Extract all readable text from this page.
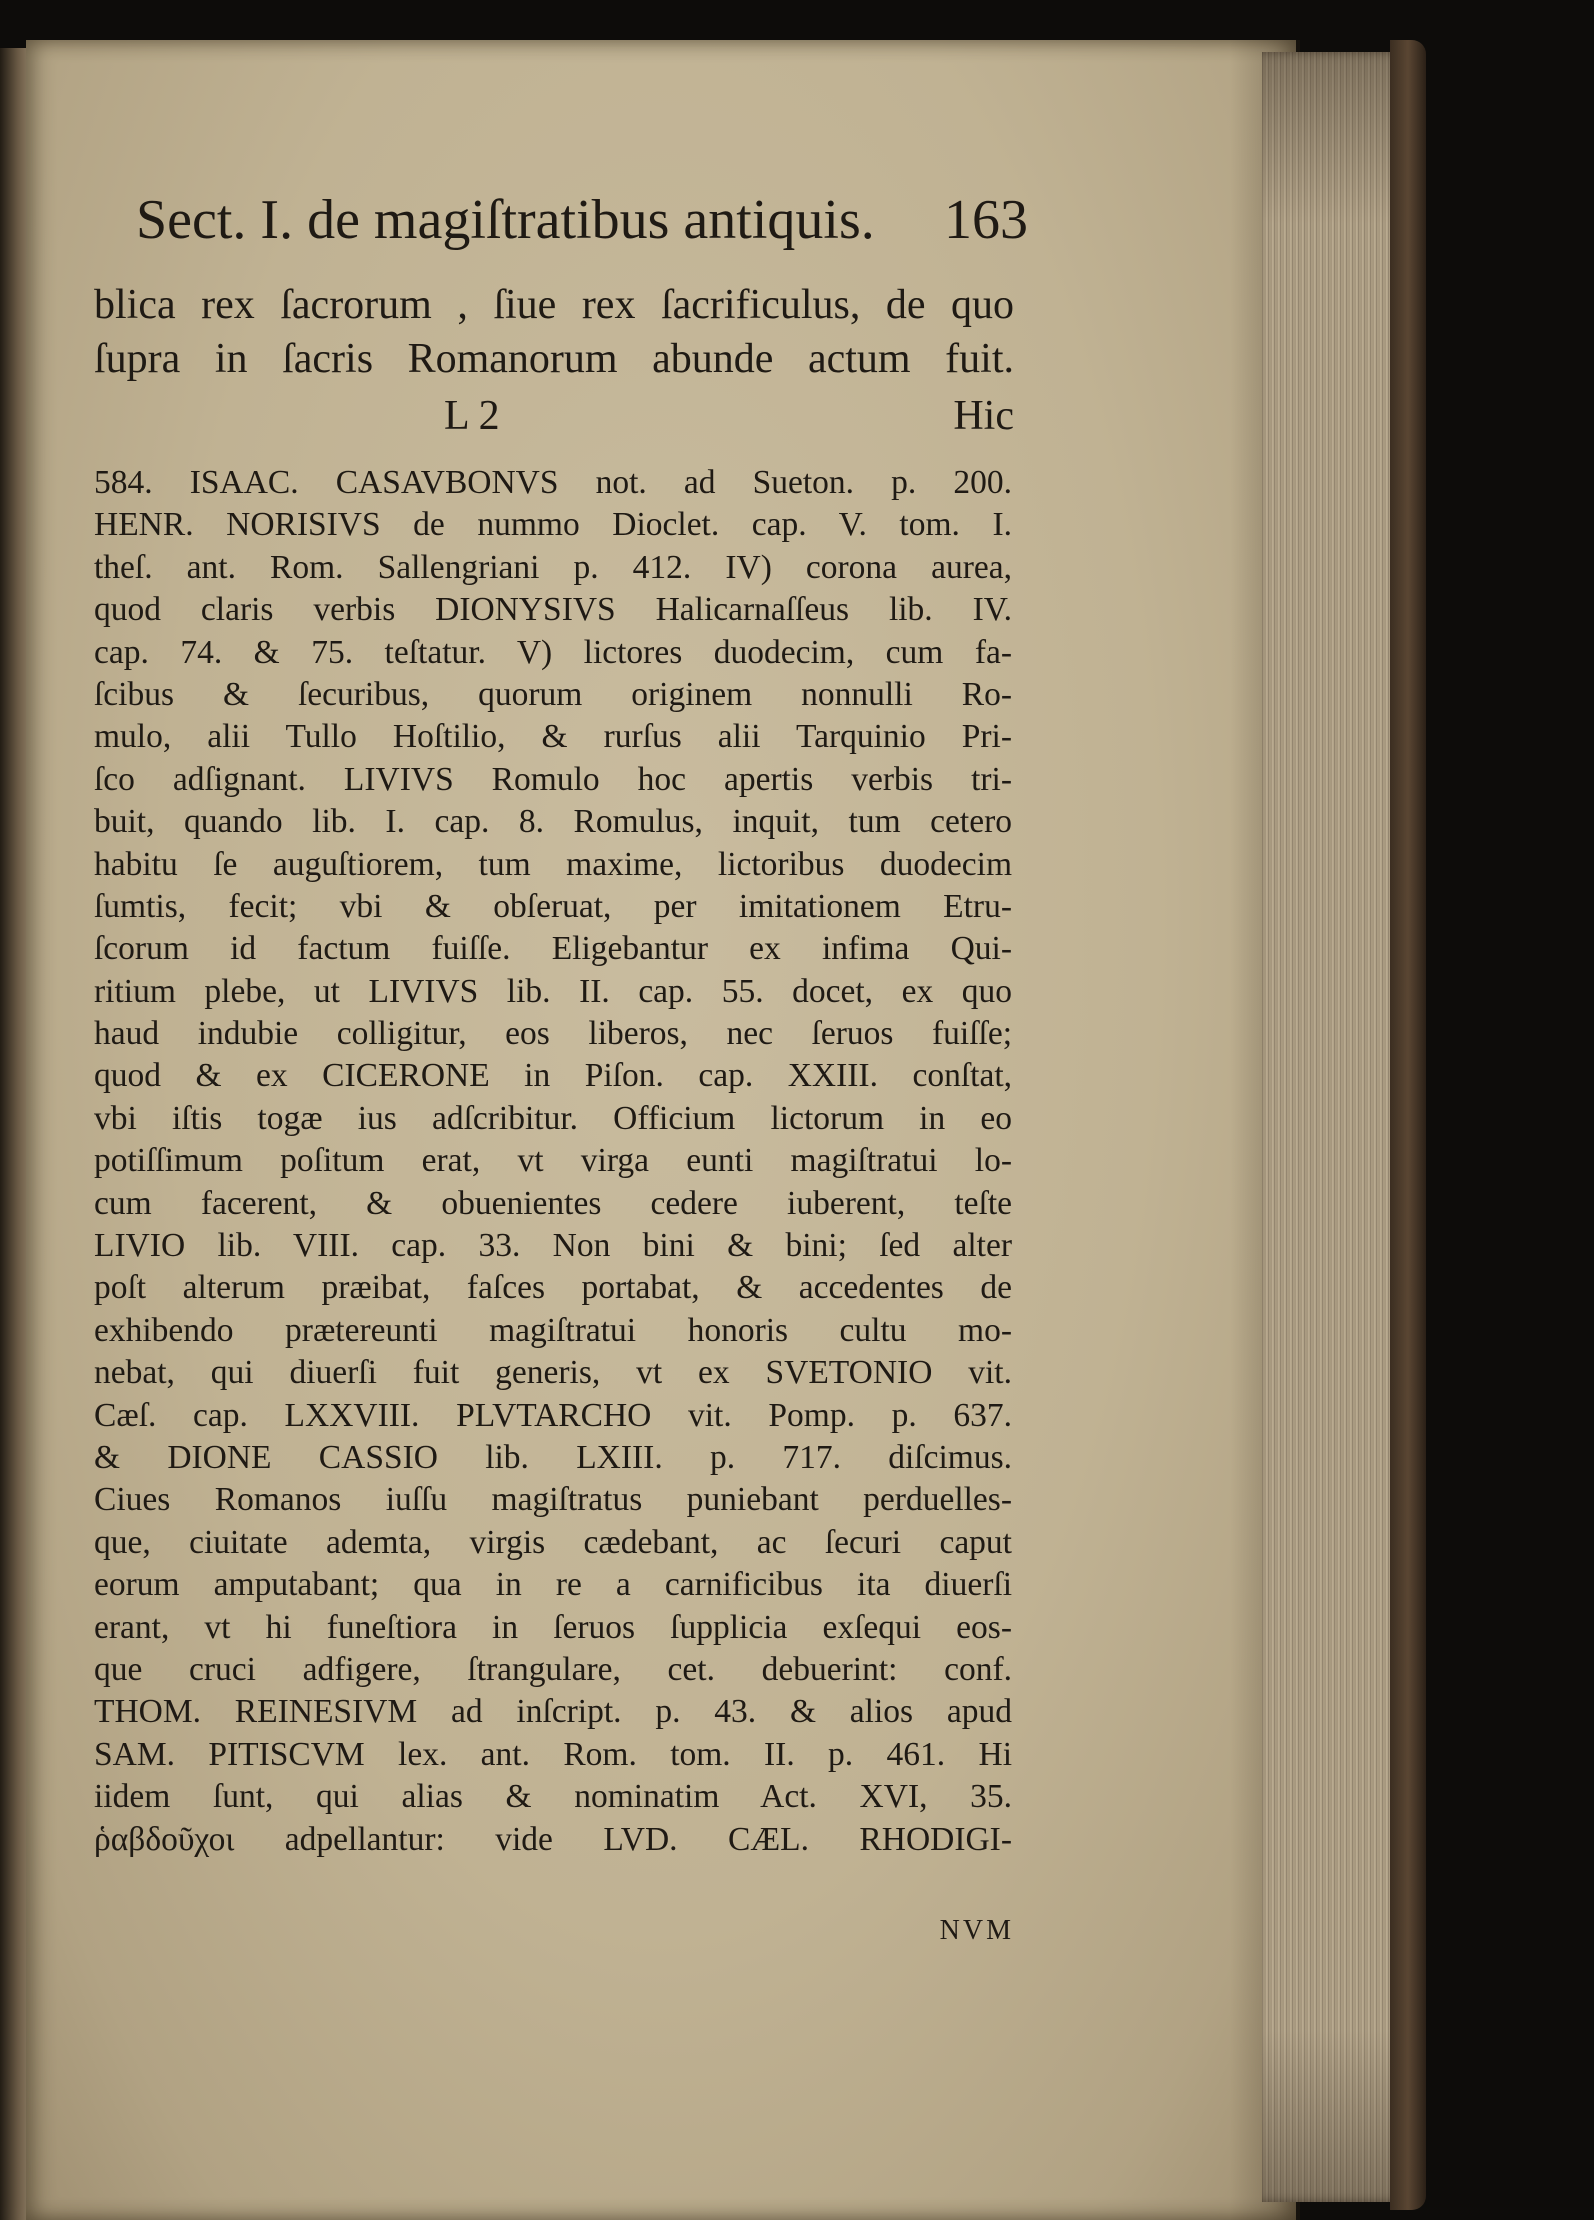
Sect. I. de magiſtratibus antiquis. 163
blica rex ſacrorum , ſiue rex ſacrificulus, de quo
ſupra in ſacris Romanorum abunde actum fuit.
L 2	Hic
584. ISAAC. CASAVBONVS not. ad Sueton. p. 200.
HENR. NORISIVS de nummo Dioclet. cap. V. tom. I.
theſ. ant. Rom. Sallengriani p. 412. IV) corona aurea,
quod claris verbis DIONYSIVS Halicarnaſſeus lib. IV.
cap. 74. & 75. teſtatur. V) lictores duodecim, cum fa-
ſcibus & ſecuribus, quorum originem nonnulli Ro-
mulo, alii Tullo Hoſtilio, & rurſus alii Tarquinio Pri-
ſco adſignant. LIVIVS Romulo hoc apertis verbis tri-
buit, quando lib. I. cap. 8. Romulus, inquit, tum cetero
habitu ſe auguſtiorem, tum maxime, lictoribus duodecim
ſumtis, fecit; vbi & obſeruat, per imitationem Etru-
ſcorum id factum fuiſſe. Eligebantur ex infima Qui-
ritium plebe, ut LIVIVS lib. II. cap. 55. docet, ex quo
haud indubie colligitur, eos liberos, nec ſeruos fuiſſe;
quod & ex CICERONE in Piſon. cap. XXIII. conſtat,
vbi iſtis togæ ius adſcribitur. Officium lictorum in eo
potiſſimum poſitum erat, vt virga eunti magiſtratui lo-
cum facerent, & obuenientes cedere iuberent, teſte
LIVIO lib. VIII. cap. 33. Non bini & bini; ſed alter
poſt alterum præibat, faſces portabat, & accedentes de
exhibendo prætereunti magiſtratui honoris cultu mo-
nebat, qui diuerſi fuit generis, vt ex SVETONIO vit.
Cæſ. cap. LXXVIII. PLVTARCHO vit. Pomp. p. 637.
& DIONE CASSIO lib. LXIII. p. 717. diſcimus.
Ciues Romanos iuſſu magiſtratus puniebant perduelles-
que, ciuitate ademta, virgis cædebant, ac ſecuri caput
eorum amputabant; qua in re a carnificibus ita diuerſi
erant, vt hi funeſtiora in ſeruos ſupplicia exſequi eos-
que cruci adfigere, ſtrangulare, cet. debuerint: conf.
THOM. REINESIVM ad inſcript. p. 43. & alios apud
SAM. PITISCVM lex. ant. Rom. tom. II. p. 461. Hi
iidem ſunt, qui alias & nominatim Act. XVI, 35.
ῥαβδοῦχοι adpellantur: vide LVD. CÆL. RHODIGI-
NVM
